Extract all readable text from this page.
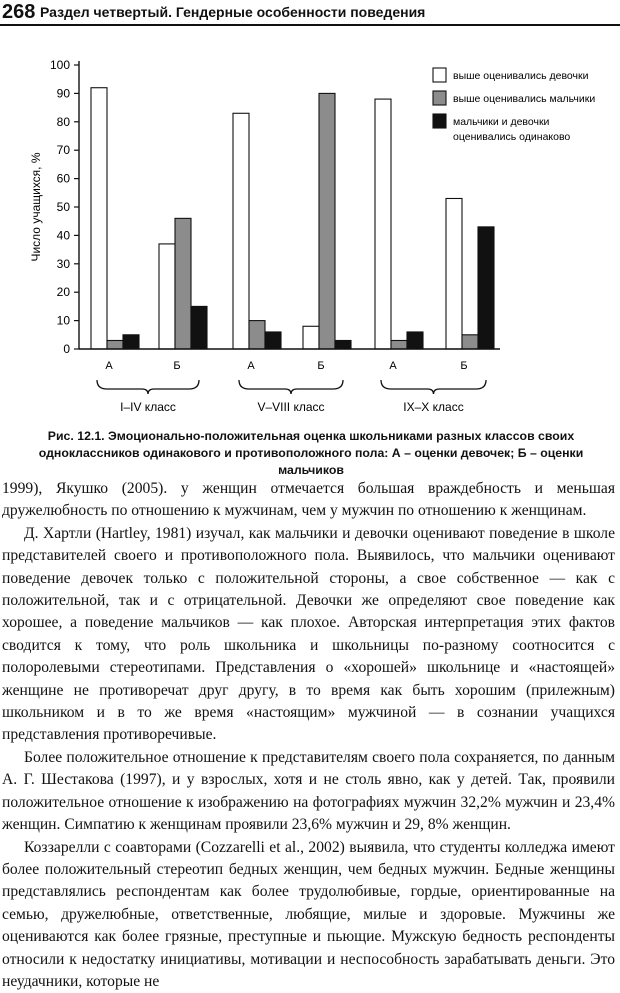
268 Раздел четвертый. Гендерные особенности поведения
0
10
20
30
40
50
60
70
80
90
100
Число учащихся, %
А	Б
I–IV класс
А	Б
V–VIII класс
А	Б
IX–X класс
выше оценивались девочки
выше оценивались мальчики
мальчики и девочки
оценивались одинаково
Рис. 12.1. Эмоционально-положительная оценка школьниками разных классов своих одноклассников одинакового и противоположного пола: А – оценки девочек; Б – оценки мальчиков

1999), Якушко (2005). у женщин отмечается большая враждебность и меньшая дружелюбность по отношению к мужчинам, чем у мужчин по отношению к женщинам.

Д. Хартли (Hartley, 1981) изучал, как мальчики и девочки оценивают поведение в школе представителей своего и противоположного пола. Выявилось, что мальчики оценивают поведение девочек только с положительной стороны, а свое собственное — как с положительной, так и с отрицательной. Девочки же определяют свое поведение как хорошее, а поведение мальчиков — как плохое. Авторская интерпретация этих фактов сводится к тому, что роль школьника и школьницы по-разному соотносится с полоролевыми стереотипами. Представления о «хорошей» школьнице и «настоящей» женщине не противоречат друг другу, в то время как быть хорошим (прилежным) школьником и в то же время «настоящим» мужчиной — в сознании учащихся представления противоречивые.

Более положительное отношение к представителям своего пола сохраняется, по данным А. Г. Шестакова (1997), и у взрослых, хотя и не столь явно, как у детей. Так, проявили положительное отношение к изображению на фотографиях мужчин 32,2% мужчин и 23,4% женщин. Симпатию к женщинам проявили 23,6% мужчин и 29, 8% женщин.

Коззарелли с соавторами (Cozzarelli et al., 2002) выявила, что студенты колледжа имеют более положительный стереотип бедных женщин, чем бедных мужчин. Бедные женщины представлялись респондентам как более трудолюбивые, гордые, ориентированные на семью, дружелюбные, ответственные, любящие, милые и здоровые. Мужчины же оцениваются как более грязные, преступные и пьющие. Мужскую бедность респонденты относили к недостатку инициативы, мотивации и неспособность зарабатывать деньги. Это неудачники, которые не
